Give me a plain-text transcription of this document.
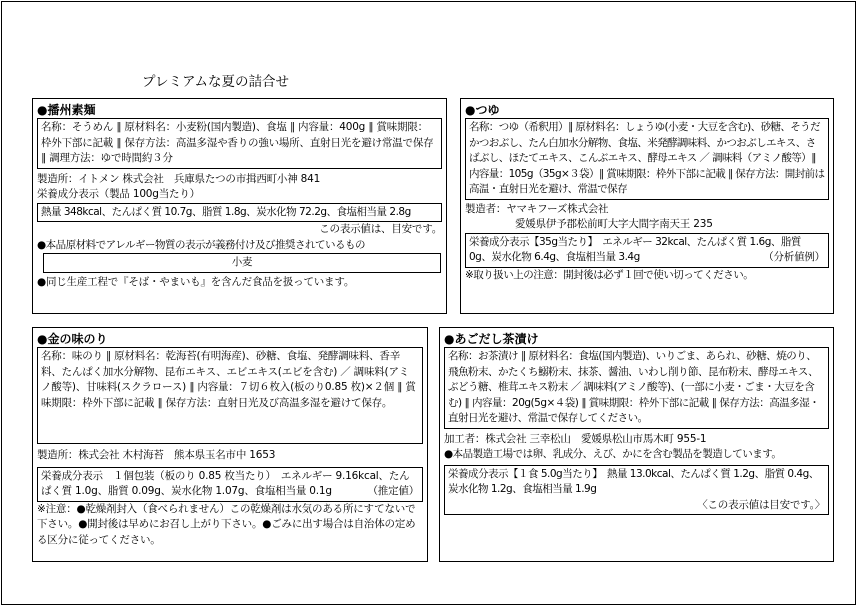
プレミアムな夏の詰合せ
●播州素麺
名称：そうめん ∥ 原材料名：小麦粉(国内製造)、食塩 ∥ 内容量：400g ∥ 賞味期限：枠外下部に記載 ∥ 保存方法：高温多湿や香りの強い場所、直射日光を避け常温で保存 ∥ 調理方法：ゆで時間約３分
製造所：イトメン 株式会社　兵庫県たつの市揖西町小神 841
栄養成分表示（製品 100g当たり）
熱量 348kcal、たんぱく質 10.7g、脂質 1.8g、炭水化物 72.2g、食塩相当量 2.8g
この表示値は、目安です。
●本品原材料でアレルギー物質の表示が義務付け及び推奨されているもの
小麦
●同じ生産工程で『そば・やまいも』を含んだ食品を扱っています。
●つゆ
名称：つゆ（希釈用）∥ 原材料名：しょうゆ(小麦・大豆を含む)、砂糖、そうだかつおぶし、たん白加水分解物、食塩、米発酵調味料、かつおぶしエキス、さばぶし、ほたてエキス、こんぶエキス、酵母エキス ／ 調味料（アミノ酸等）∥ 内容量：105g（35g×３袋）∥ 賞味期限：枠外下部に記載 ∥ 保存方法：開封前は高温・直射日光を避け、常温で保存
製造者：ヤマキフーズ株式会社
愛媛県伊予郡松前町大字大間字南天王 235
栄養成分表示【35g当たり】　エネルギー 32kcal、たんぱく質 1.6g、脂質 0g、炭水化物 6.4g、食塩相当量 3.4g	（分析値例）
※取り扱い上の注意：開封後は必ず１回で使い切ってください。
●金の味のり
名称：味のり ∥ 原材料名：乾海苔(有明海産)、砂糖、食塩、発酵調味料、香辛料、たんぱく加水分解物、昆布エキス、エビエキス(エビを含む) ／ 調味料(アミノ酸等)、甘味料(スクラロース) ∥ 内容量：７切６枚入(板のり0.85 枚)×２個 ∥ 賞味期限：枠外下部に記載 ∥ 保存方法：直射日光及び高温多湿を避けて保存。
製造所：株式会社 木村海苔　熊本県玉名市中 1653
栄養成分表示　１個包装（板のり 0.85 枚当たり）　エネルギー 9.16kcal、たんぱく質 1.0g、脂質 0.09g、炭水化物 1.07g、食塩相当量 0.1g	（推定値）
※注意：●乾燥剤封入（食べられません）この乾燥剤は水気のある所にすてないで下さい。●開封後は早めにお召し上がり下さい。●ごみに出す場合は自治体の定める区分に従ってください。
●あごだし茶漬け
名称：お茶漬け ∥ 原材料名：食塩(国内製造)、いりごま、あられ、砂糖、焼のり、飛魚粉末、かたくち鰯粉末、抹茶、醤油、いわし削り節、昆布粉末、酵母エキス、ぶどう糖、椎茸エキス粉末 ／ 調味料(アミノ酸等)、(一部に小麦・ごま・大豆を含む) ∥ 内容量：20g(5g×４袋) ∥ 賞味期限：枠外下部に記載 ∥ 保存方法：高温多湿・直射日光を避け、常温で保存してください。
加工者：株式会社 三幸松山　愛媛県松山市馬木町 955-1
●本品製造工場では卵、乳成分、えび、かにを含む製品を製造しています。
栄養成分表示【１食 5.0g当たり】　熱量 13.0kcal、たんぱく質 1.2g、脂質 0.4g、炭水化物 1.2g、食塩相当量 1.9g
〈この表示値は目安です。〉
